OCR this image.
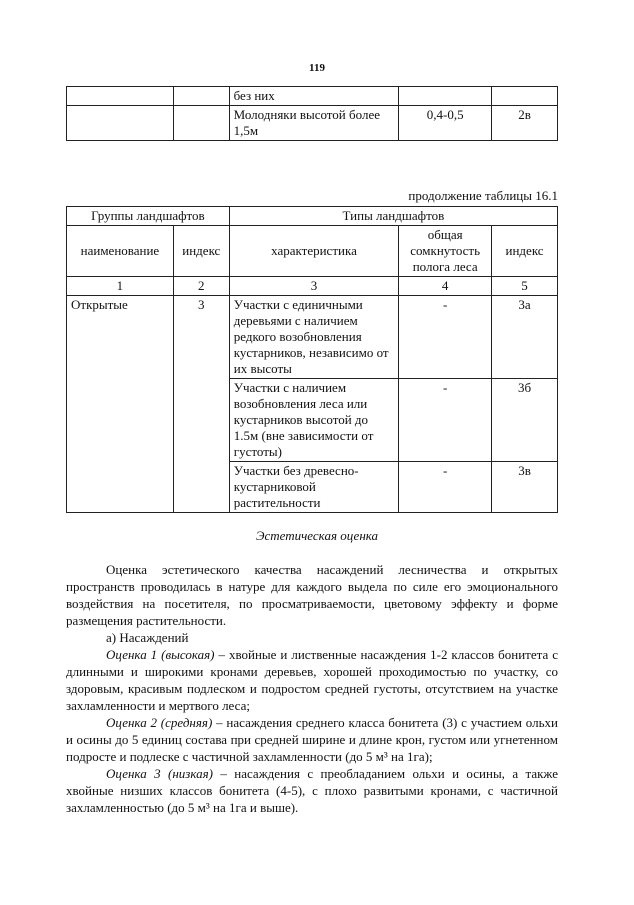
119
		без них		
		Молодняки высотой более 1,5м	0,4-0,5	2в
продолжение таблицы 16.1
Группы ландшафтов		Типы ландшафтов		
наименование	индекс	характеристика	общая сомкнутость полога леса	индекс
1	2	3	4	5
Открытые	3	Участки с единичными деревьями с наличием редкого возобновления кустарников, независимо от их высоты	-	3а
		Участки с наличием возобновления леса или кустарников высотой до 1.5м (вне зависимости от густоты)	-	3б
		Участки без древесно-кустарниковой растительности	-	3в
Эстетическая оценка

Оценка эстетического качества насаждений лесничества и открытых пространств проводилась в натуре для каждого выдела по силе его эмоционального воздействия на посетителя, по просматриваемости, цветовому эффекту и форме размещения растительности.

а) Насаждений

Оценка 1 (высокая) – хвойные и лиственные насаждения 1-2 классов бонитета с длинными и широкими кронами деревьев, хорошей проходимостью по участку, со здоровым, красивым подлеском и подростом средней густоты, отсутствием на участке захламленности и мертвого леса;

Оценка 2 (средняя) – насаждения среднего класса бонитета (3) с участием ольхи и осины до 5 единиц состава при средней ширине и длине крон, густом или угнетенном подросте и подлеске с частичной захламленности (до 5 м³ на 1га);

Оценка 3 (низкая) – насаждения с преобладанием ольхи и осины, а также хвойные низших классов бонитета (4-5), с плохо развитыми кронами, с частичной захламленностью (до 5 м³ на 1га и выше).
